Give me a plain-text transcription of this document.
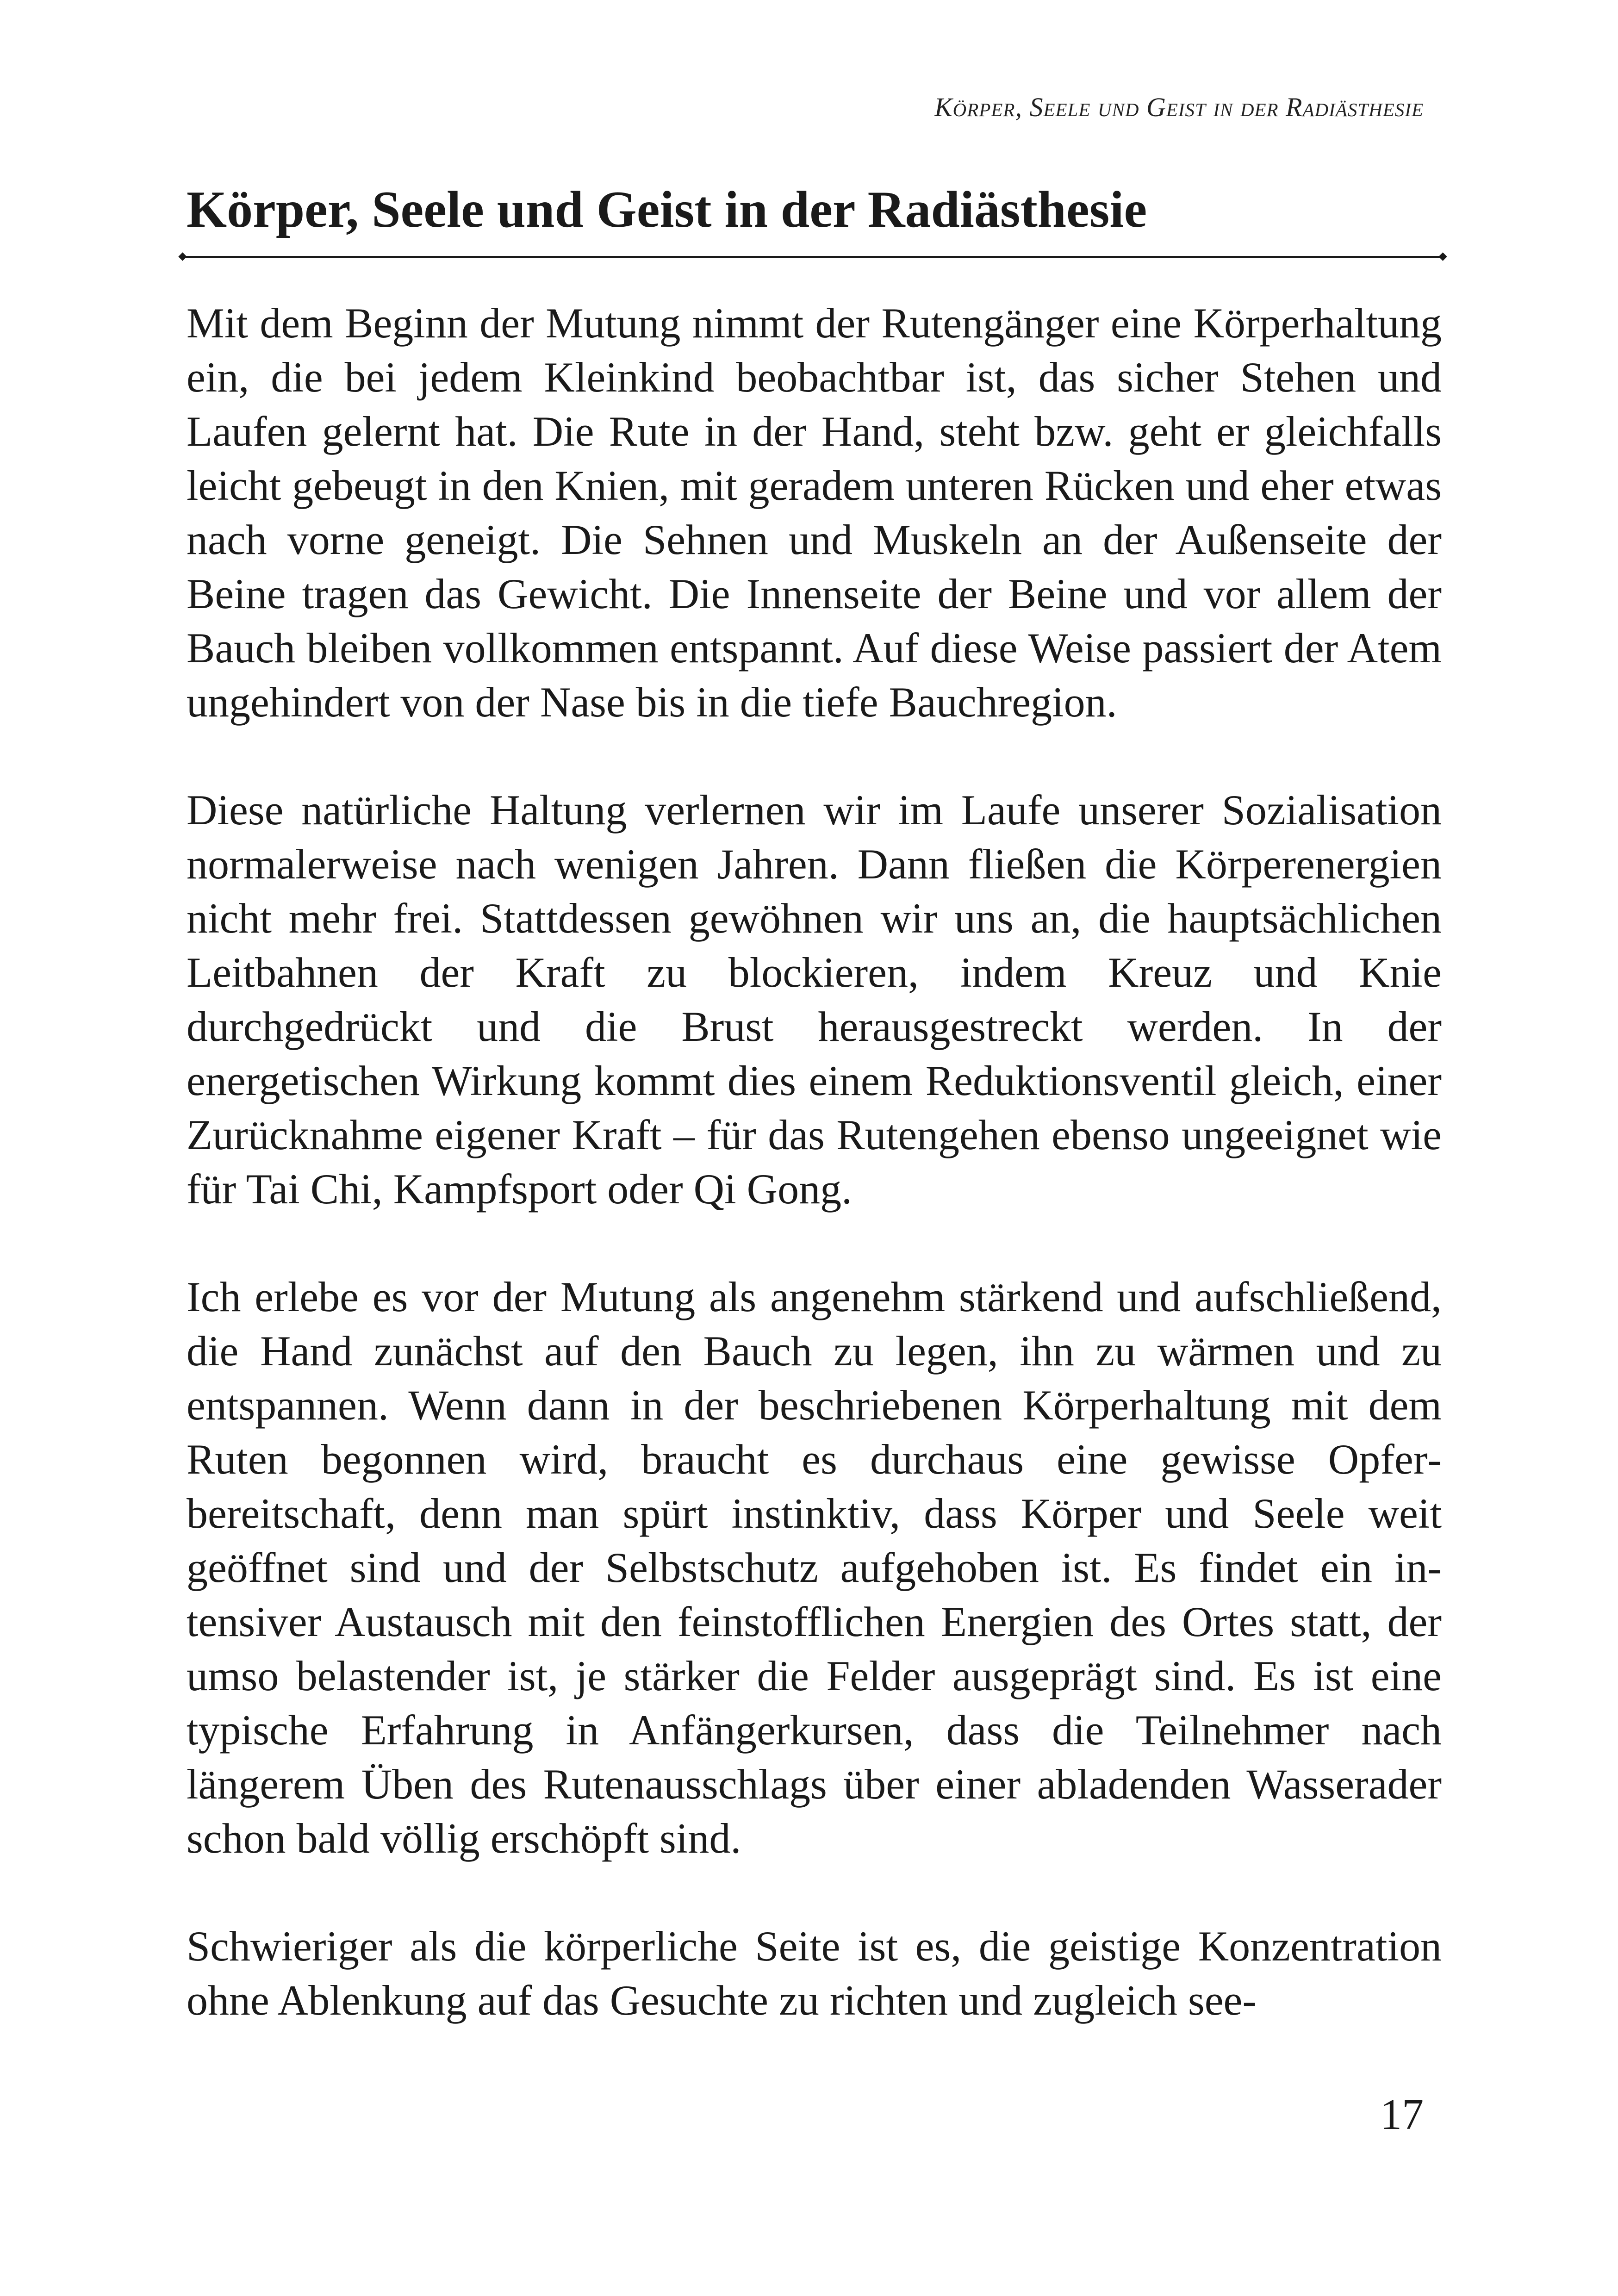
Körper, Seele und Geist in der Radiästhesie
Körper, Seele und Geist in der Radiästhesie

Mit dem Beginn der Mutung nimmt der Rutengänger eine Körperhaltung ein, die bei jedem Kleinkind beobachtbar ist, das sicher Stehen und Laufen gelernt hat. Die Rute in der Hand, steht bzw. geht er gleichfalls leicht gebeugt in den Knien, mit geradem unteren Rücken und eher etwas nach vorne geneigt. Die Sehnen und Muskeln an der Außenseite der Beine tragen das Gewicht. Die Innenseite der Beine und vor allem der Bauch bleiben vollkommen entspannt. Auf diese Weise passiert der Atem ungehindert von der Nase bis in die tiefe Bauchregion.

Diese natürliche Haltung verlernen wir im Laufe unserer Sozialisation normalerweise nach wenigen Jahren. Dann fließen die Körperenergien nicht mehr frei. Stattdessen gewöhnen wir uns an, die hauptsächlichen Leitbahnen der Kraft zu blockieren, indem Kreuz und Knie durchgedrückt und die Brust herausgestreckt werden. In der energetischen Wirkung kommt dies einem Reduktionsventil gleich, einer Zurücknahme eigener Kraft – für das Rutengehen ebenso ungeeignet wie für Tai Chi, Kampfsport oder Qi Gong.

Ich erlebe es vor der Mutung als angenehm stärkend und aufschließend, die Hand zunächst auf den Bauch zu legen, ihn zu wärmen und zu entspannen. Wenn dann in der beschriebenen Körperhaltung mit dem Ruten begonnen wird, braucht es durchaus eine gewisse Opferbereitschaft, denn man spürt instinktiv, dass Körper und Seele weit geöffnet sind und der Selbstschutz aufgehoben ist. Es findet ein intensiver Austausch mit den feinstofflichen Energien des Ortes statt, der umso belastender ist, je stärker die Felder ausgeprägt sind. Es ist eine typische Erfahrung in Anfängerkursen, dass die Teilnehmer nach längerem Üben des Rutenausschlags über einer abladenden Wasserader schon bald völlig erschöpft sind.

Schwieriger als die körperliche Seite ist es, die geistige Konzentration ohne Ablenkung auf das Gesuchte zu richten und zugleich see-

17
